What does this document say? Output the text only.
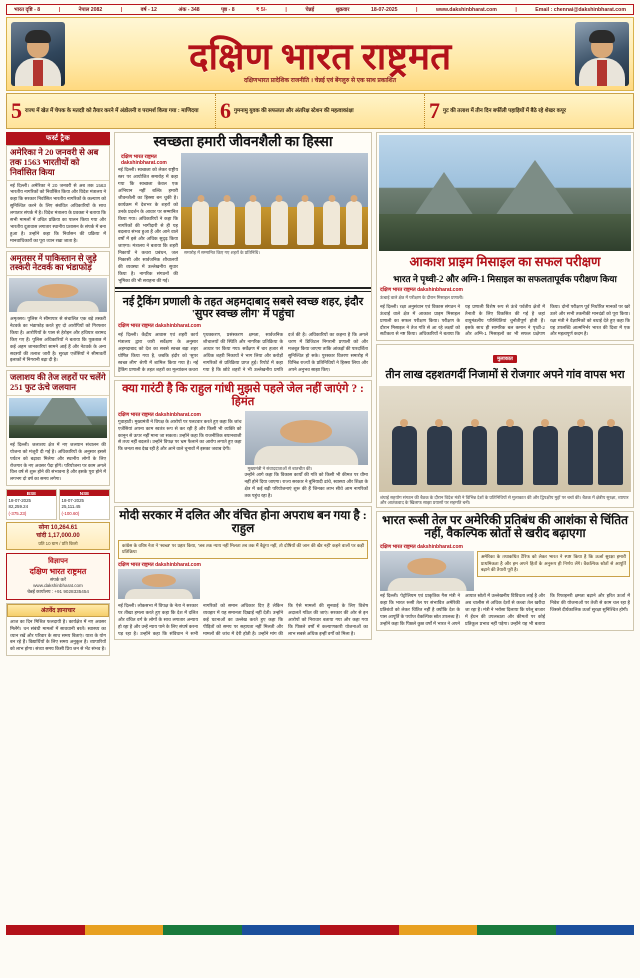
भारत दृष्टि - 8	|	नेपाल 2082	|	वर्ष - 12	अंक - 348	पृष्ठ - 8	₹ 5/-	|	चेन्नई	शुक्रवार	18-07-2025	|	www.dakshinbharat.com	|	Email : chennai@dakshinbharat.com
दक्षिण भारत राष्ट्रमत
दक्षिणभारत प्रादेशिक राजनीति । चेन्नई एवं बेंगलुरु से एक साथ प्रकाशित
5 राज्य में खेत में चेपक के मतदाी को तैयार करने में अंडोलनी व परामर्श किया गया : माणिदया 6 गुमनामु युवक की सफलता और अंतरिक्ष स्टेशन की महत्वाकांक्षा	7 गुट की तलाश में तीन दिन बर्फीली पहाड़ियों में बैठे रहे शेखर कपूर
फर्स्ट ट्रैक
अमेरिका ने 20 जनवरी से अब तक 1563 भारतीयों को निर्वासित किया
नई दिल्ली। अमेरिका ने 20 जनवरी से अब तक 1563 भारतीय नागरिकों को निर्वासित किया और विदेश मंत्रालय ने कहा कि सरकार निर्वासित भारतीय नागरिकों के कल्याण को सुनिश्चित करने के लिए संबंधित अधिकारियों के साथ लगातार संपर्क में है। विदेश मंत्रालय के प्रवक्ता ने बताया कि सभी मामलों में उचित प्रक्रिया का पालन किया गया और भारतीय दूतावास लगातार स्थानीय प्रशासन के संपर्क में बना हुआ है। उन्होंने कहा कि निर्वासन की प्रक्रिया में मानवाधिकारों का पूरा ध्यान रखा जाता है।
अमृतसर में पाकिस्तान से जुड़े तस्करी नेटवर्क का भंडाफोड़
अमृतसर। पुलिस ने सीमापार से संचालित एक बड़े तस्करी नेटवर्क का भंडाफोड़ करते हुए दो आरोपियों को गिरफ्तार किया है। आरोपियों के पास से हेरोइन और हथियार बरामद किए गए हैं। पुलिस अधिकारियों ने बताया कि पूछताछ में कई अहम जानकारियां सामने आई हैं और नेटवर्क के अन्य सदस्यों की तलाश जारी है। सुरक्षा एजेंसियों ने सीमावर्ती इलाकों में निगरानी बढ़ा दी है।
जलाशय की तेज लहरों पर चलेंगे 251 फुट ऊंचे जलयान
नई दिल्ली। जलाशय क्षेत्र में नए जलयान संचालन की योजना को मंजूरी दी गई है। अधिकारियों के अनुसार इससे पर्यटन को बढ़ावा मिलेगा और स्थानीय लोगों के लिए रोजगार के नए अवसर पैदा होंगे। परियोजना पर काम अगले वित्त वर्ष से शुरू होने की संभावना है और इसके पूरा होने में लगभग दो वर्ष का समय लगेगा।
BSE
18-07-2025
82,259.24
(-375.23)
NSE
18-07-2025
25,111.45
(-100.60)
सोना 10,264.61
चांदी 1,17,000.00
प्रति 10 ग्राम / प्रति किलो
विज्ञापन
दक्षिण भारत राष्ट्रमत
संपर्क करें
www.dakshinbharat.com
चेन्नई कार्यालय : +91 9028335454
अंतर्वेद ज्ञानाचार
आज का दिन मिश्रित फलदायी है। कार्यक्षेत्र में नए अवसर मिलेंगे। धन संबंधी मामलों में सावधानी बरतें। स्वास्थ्य का ध्यान रखें और परिवार के साथ समय बिताएं। यात्रा के योग बन रहे हैं। विद्यार्थियों के लिए समय अनुकूल है। व्यापारियों को लाभ होगा। संध्या समय किसी प्रिय जन से भेंट संभव है।
स्वच्छता हमारी जीवनशैली का हिस्सा
दक्षिण भारत राष्ट्रमत dakshinbharat.com
नई दिल्ली। स्वच्छता को लेकर राष्ट्रीय स्तर पर आयोजित समारोह में कहा गया कि स्वच्छता केवल एक अभियान नहीं बल्कि हमारी जीवनशैली का हिस्सा बन चुकी है। कार्यक्रम में देशभर के शहरों को उनके प्रदर्शन के आधार पर सम्मानित किया गया। अधिकारियों ने कहा कि नागरिकों की भागीदारी से ही यह बदलाव संभव हुआ है और आने वाले वर्षों में इसे और अधिक सुदृढ़ किया जाएगा। मंत्रालय ने बताया कि शहरी निकायों ने कचरा प्रबंधन, जल निकासी और सार्वजनिक शौचालयों की व्यवस्था में उल्लेखनीय सुधार किया है। नागरिक संगठनों की भूमिका की भी सराहना की गई।
समारोह में सम्मानित किए गए शहरों के प्रतिनिधि।
नई ट्रैकिंग प्रणाली के तहत अहमदाबाद सबसे स्वच्छ शहर, इंदौर 'सुपर स्वच्छ लीग' में पहुंचा
दक्षिण भारत राष्ट्रमत dakshinbharat.com
नई दिल्ली। केंद्रीय आवास एवं शहरी कार्य मंत्रालय द्वारा जारी सर्वेक्षण के अनुसार अहमदाबाद को देश का सबसे स्वच्छ बड़ा शहर घोषित किया गया है, जबकि इंदौर को 'सुपर स्वच्छ लीग' श्रेणी में शामिल किया गया है। नई ट्रैकिंग प्रणाली के तहत शहरों का मूल्यांकन कचरा पृथक्करण, प्रसंस्करण क्षमता, सार्वजनिक शौचालयों की स्थिति और नागरिक प्रतिक्रिया के आधार पर किया गया। सर्वेक्षण में चार हजार से अधिक शहरी निकायों ने भाग लिया और करोड़ों नागरिकों से प्रतिक्रिया प्राप्त हुई। रिपोर्ट में कहा गया है कि छोटे शहरों ने भी उल्लेखनीय प्रगति दर्ज की है। अधिकारियों का कहना है कि अगले चरण में डिजिटल निगरानी प्रणाली को और मजबूत किया जाएगा ताकि आंकड़ों की पारदर्शिता सुनिश्चित हो सके। पुरस्कार वितरण समारोह में विभिन्न राज्यों के प्रतिनिधियों ने हिस्सा लिया और अपने अनुभव साझा किए।
क्या गारंटी है कि राहुल गांधी मुझसे पहले जेल नहीं जाएंगे ? : हिमंत
दक्षिण भारत राष्ट्रमत dakshinbharat.com
गुवाहाटी। मुख्यमंत्री ने विपक्ष के आरोपों पर पलटवार करते हुए कहा कि जांच एजेंसियां अपना काम स्वतंत्र रूप से कर रही हैं और किसी भी व्यक्ति को कानून से ऊपर नहीं माना जा सकता। उन्होंने कहा कि राजनीतिक बयानबाजी से तथ्य नहीं बदलते। उन्होंने विपक्ष पर भ्रम फैलाने का आरोप लगाते हुए कहा कि जनता सब देख रही है और आने वाले चुनावों में इसका जवाब देगी।
मुख्यमंत्री ने संवाददाताओं से बातचीत की।
उन्होंने आगे कहा कि विकास कार्यों की गति को किसी भी कीमत पर धीमा नहीं होने दिया जाएगा। राज्य सरकार ने बुनियादी ढांचे, स्वास्थ्य और शिक्षा के क्षेत्र में कई बड़ी परियोजनाएं शुरू की हैं जिनका लाभ सीधे आम नागरिकों तक पहुंच रहा है।
मोदी सरकार में दलित और वंचित होना अपराध बन गया है : राहुल
कांग्रेस के वरिष्ठ नेता ने 'स्वच्छ' पर प्रहार किया, 'जब तक न्याय नहीं मिलता तब तक मैं बैठूंगा नहीं, तो दोषियों की जान की खैर नहीं' कहने वालों पर कड़ी प्रतिक्रिया
दक्षिण भारत राष्ट्रमत dakshinbharat.com
नई दिल्ली। लोकसभा में विपक्ष के नेता ने सरकार पर तीखा हमला करते हुए कहा कि देश में दलित और वंचित वर्ग के लोगों के साथ लगातार अन्याय हो रहा है और उन्हें न्याय पाने के लिए संघर्ष करना पड़ रहा है। उन्होंने कहा कि संविधान ने सभी नागरिकों को समान अधिकार दिए हैं लेकिन व्यवहार में यह समानता दिखाई नहीं देती। उन्होंने कई घटनाओं का उल्लेख करते हुए कहा कि पीड़ितों को समय पर सहायता नहीं मिलती और मामलों की जांच में देरी होती है। उन्होंने मांग की कि ऐसे मामलों की सुनवाई के लिए विशेष अदालतें गठित की जाएं। सरकार की ओर से इन आरोपों को निराधार बताया गया और कहा गया कि पिछले वर्षों में कल्याणकारी योजनाओं का लाभ सबसे अधिक इन्हीं वर्गों को मिला है।
आकाश प्राइम मिसाइल का सफल परीक्षण
भारत ने पृथ्वी-2 और अग्नि-1 मिसाइल का सफलतापूर्वक परीक्षण किया
दक्षिण भारत राष्ट्रमत dakshinbharat.com
ऊंचाई वाले क्षेत्र में परीक्षण के दौरान मिसाइल प्रणाली।
नई दिल्ली। रक्षा अनुसंधान एवं विकास संगठन ने ऊंचाई वाले क्षेत्र में आकाश प्राइम मिसाइल प्रणाली का सफल परीक्षण किया। परीक्षण के दौरान मिसाइल ने तेज गति से आ रहे लक्ष्यों को सटीकता से नष्ट किया। अधिकारियों ने बताया कि यह प्रणाली विशेष रूप से ऊंचे पर्वतीय क्षेत्रों में तैनाती के लिए विकसित की गई है जहां वायुमंडलीय परिस्थितियां चुनौतीपूर्ण होती हैं। इसके साथ ही सामरिक बल कमान ने पृथ्वी-2 और अग्नि-1 मिसाइलों का भी सफल प्रक्षेपण किया। दोनों परीक्षण पूर्व निर्धारित मानकों पर खरे उतरे और सभी तकनीकी मानदंडों को पूरा किया। रक्षा मंत्री ने वैज्ञानिकों को बधाई देते हुए कहा कि यह उपलब्धि आत्मनिर्भर भारत की दिशा में एक और महत्वपूर्ण कदम है।
मुलाकात
तीन लाख दहशतगर्दी निजामों से रोजगार अपने गांव वापस भरा
शंघाई सहयोग संगठन की बैठक के दौरान विदेश मंत्री ने विभिन्न देशों के प्रतिनिधियों से मुलाकात की और द्विपक्षीय मुद्दों पर चर्चा की। बैठक में क्षेत्रीय सुरक्षा, व्यापार और आतंकवाद के खिलाफ साझा प्रयासों पर सहमति बनी।
भारत रूसी तेल पर अमेरिकी प्रतिबंध की आशंका से चिंतित नहीं, वैकल्पिक स्रोतों से खरीद बढ़ाएगा
दक्षिण भारत राष्ट्रमत dakshinbharat.com
अमेरिका के तथाकथित टैरिफ को लेकर भारत ने स्पष्ट किया है कि ऊर्जा सुरक्षा हमारी प्राथमिकता है और हम अपने हितों के अनुरूप ही निर्णय लेंगे। वैकल्पिक स्रोतों से आपूर्ति बढ़ाने की तैयारी पूरी है।
नई दिल्ली। पेट्रोलियम एवं प्राकृतिक गैस मंत्री ने कहा कि भारत रूसी तेल पर संभावित अमेरिकी प्रतिबंधों को लेकर चिंतित नहीं है क्योंकि देश के पास आपूर्ति के पर्याप्त वैकल्पिक स्रोत उपलब्ध हैं। उन्होंने कहा कि पिछले कुछ वर्षों में भारत ने अपने आयात स्रोतों में उल्लेखनीय विविधता लाई है और अब चालीस से अधिक देशों से कच्चा तेल खरीदा जा रहा है। मंत्री ने भरोसा दिलाया कि घरेलू बाजार में ईंधन की उपलब्धता और कीमतों पर कोई प्रतिकूल प्रभाव नहीं पड़ेगा। उन्होंने यह भी बताया कि रिफाइनरी क्षमता बढ़ाने और हरित ऊर्जा में निवेश की योजनाओं पर तेजी से काम चल रहा है जिससे दीर्घकालिक ऊर्जा सुरक्षा सुनिश्चित होगी।
